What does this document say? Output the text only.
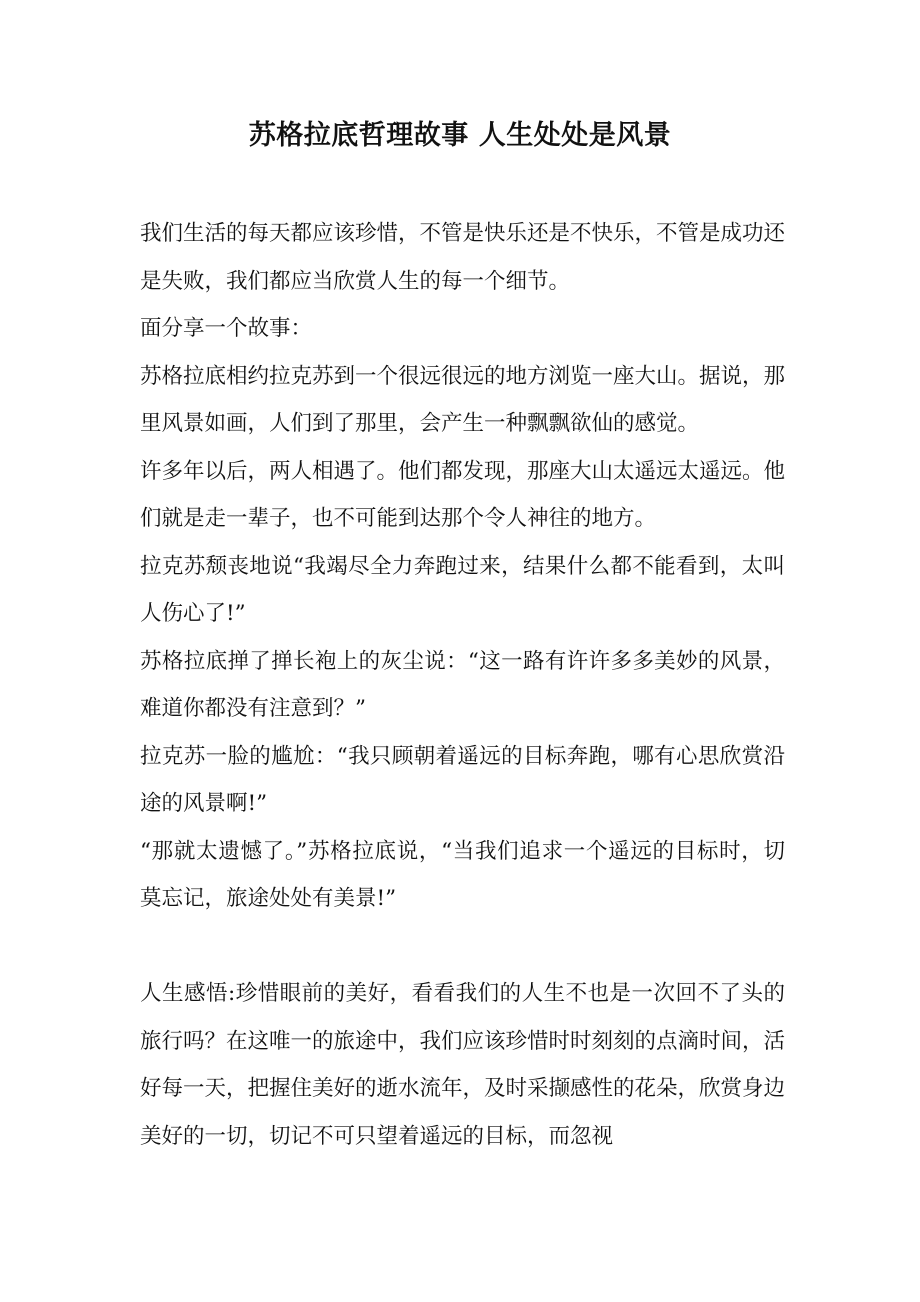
苏格拉底哲理故事 人生处处是风景

我们生活的每天都应该珍惜，不管是快乐还是不快乐，不管是成功还是失败，我们都应当欣赏人生的每一个细节。

面分享一个故事：

苏格拉底相约拉克苏到一个很远很远的地方浏览一座大山。据说，那里风景如画，人们到了那里，会产生一种飘飘欲仙的感觉。

许多年以后，两人相遇了。他们都发现，那座大山太遥远太遥远。他们就是走一辈子，也不可能到达那个令人神往的地方。

拉克苏颓丧地说“我竭尽全力奔跑过来，结果什么都不能看到，太叫人伤心了!”

苏格拉底掸了掸长袍上的灰尘说：“这一路有许许多多美妙的风景，难道你都没有注意到？”

拉克苏一脸的尴尬：“我只顾朝着遥远的目标奔跑，哪有心思欣赏沿途的风景啊!”

“那就太遗憾了。”苏格拉底说，“当我们追求一个遥远的目标时，切莫忘记，旅途处处有美景!”

人生感悟:珍惜眼前的美好，看看我们的人生不也是一次回不了头的旅行吗？在这唯一的旅途中，我们应该珍惜时时刻刻的点滴时间，活好每一天，把握住美好的逝水流年，及时采撷感性的花朵，欣赏身边美好的一切，切记不可只望着遥远的目标，而忽视
